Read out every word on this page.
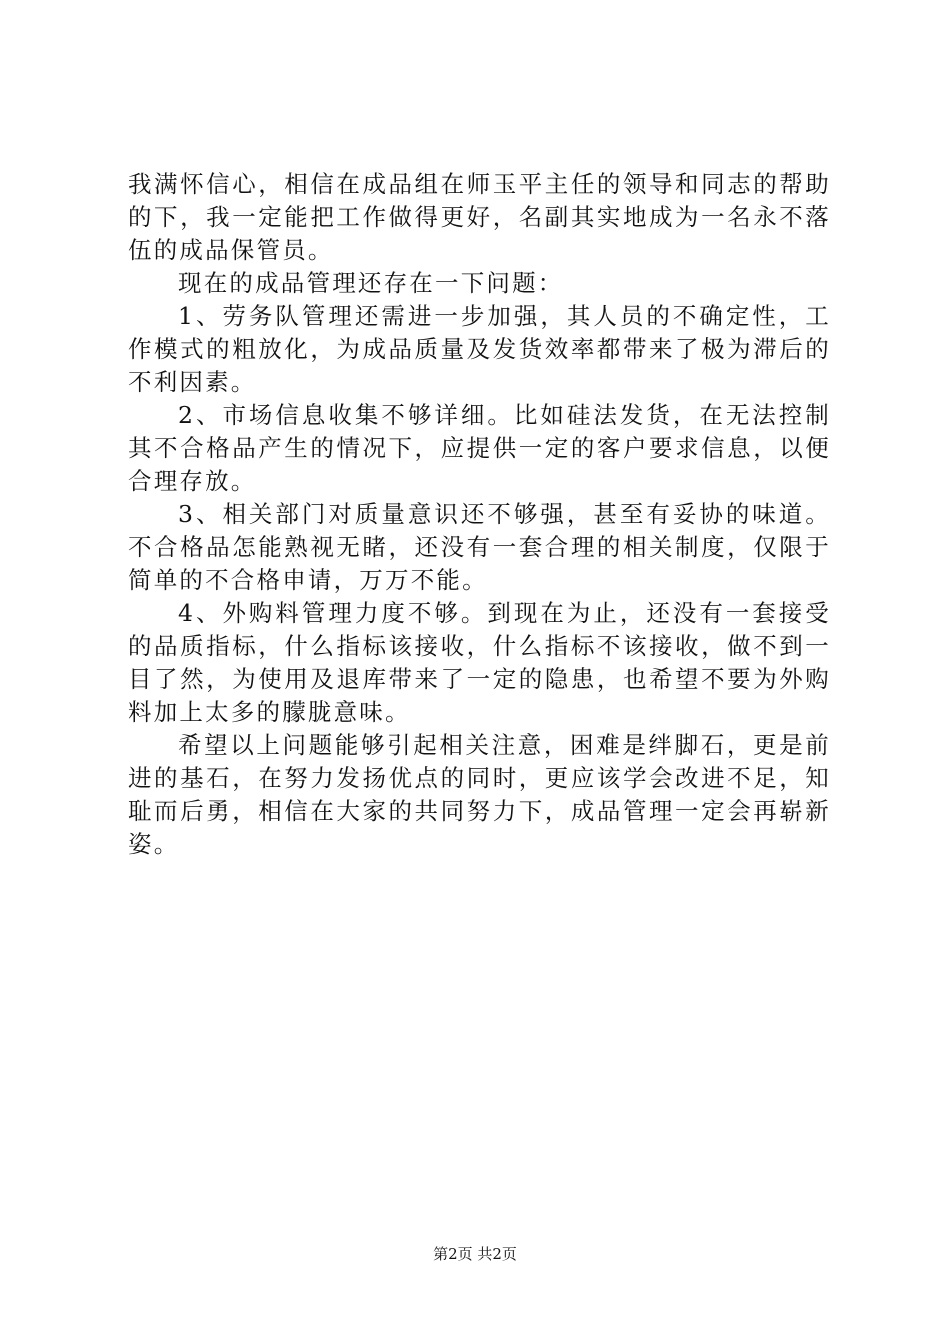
我满怀信心，相信在成品组在师玉平主任的领导和同志的帮助的下，我一定能把工作做得更好，名副其实地成为一名永不落伍的成品保管员。

现在的成品管理还存在一下问题：

1、劳务队管理还需进一步加强，其人员的不确定性，工作模式的粗放化，为成品质量及发货效率都带来了极为滞后的不利因素。

2、市场信息收集不够详细。比如硅法发货，在无法控制其不合格品产生的情况下，应提供一定的客户要求信息，以便合理存放。

3、相关部门对质量意识还不够强，甚至有妥协的味道。不合格品怎能熟视无睹，还没有一套合理的相关制度，仅限于简单的不合格申请，万万不能。

4、外购料管理力度不够。到现在为止，还没有一套接受的品质指标，什么指标该接收，什么指标不该接收，做不到一目了然，为使用及退库带来了一定的隐患，也希望不要为外购料加上太多的朦胧意味。

希望以上问题能够引起相关注意，困难是绊脚石，更是前进的基石，在努力发扬优点的同时，更应该学会改进不足，知耻而后勇，相信在大家的共同努力下，成品管理一定会再崭新姿。

第2页 共2页
